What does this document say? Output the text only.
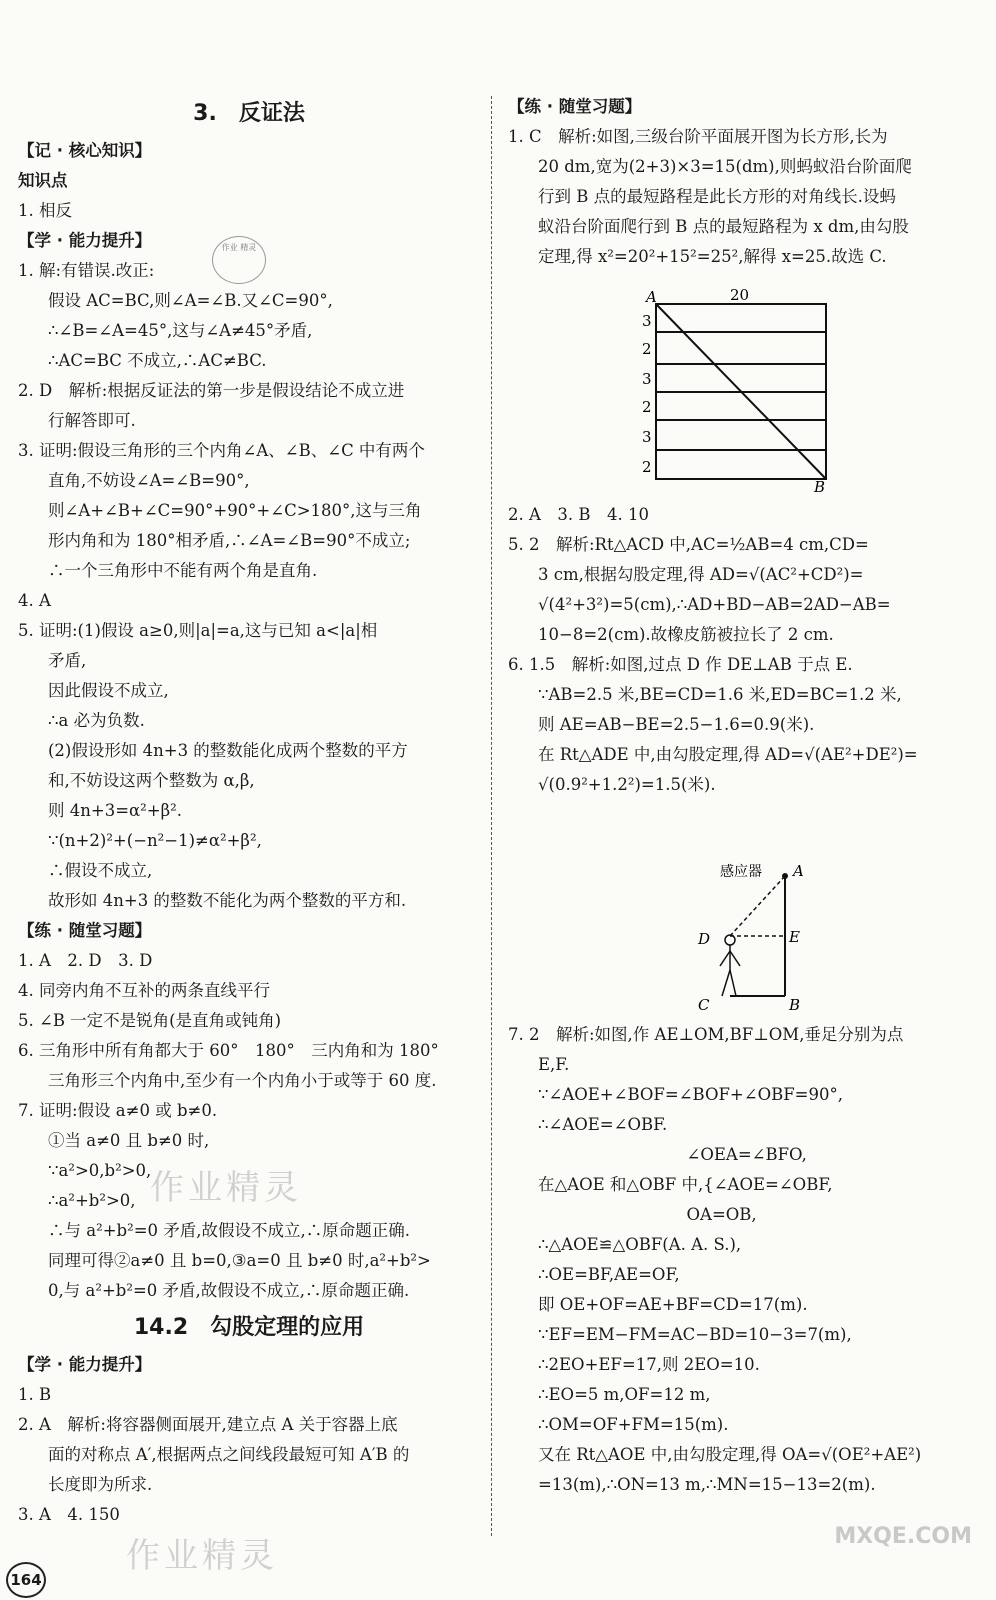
3.　反证法
【记 · 核心知识】
知识点
1. 相反
【学 · 能力提升】
1. 解:有错误.改正:
假设 AC=BC,则∠A=∠B.又∠C=90°,
∴∠B=∠A=45°,这与∠A≠45°矛盾,
∴AC=BC 不成立,∴AC≠BC.
2. D　解析:根据反证法的第一步是假设结论不成立进
行解答即可.
3. 证明:假设三角形的三个内角∠A、∠B、∠C 中有两个
直角,不妨设∠A=∠B=90°,
则∠A+∠B+∠C=90°+90°+∠C>180°,这与三角
形内角和为 180°相矛盾,∴∠A=∠B=90°不成立;
∴一个三角形中不能有两个角是直角.
4. A
5. 证明:(1)假设 a≥0,则|a|=a,这与已知 a<|a|相
矛盾,
因此假设不成立,
∴a 必为负数.
(2)假设形如 4n+3 的整数能化成两个整数的平方
和,不妨设这两个整数为 α,β,
则 4n+3=α²+β².
∵(n+2)²+(−n²−1)≠α²+β²,
∴假设不成立,
故形如 4n+3 的整数不能化为两个整数的平方和.
【练 · 随堂习题】
1. A　2. D　3. D
4. 同旁内角不互补的两条直线平行
5. ∠B 一定不是锐角(是直角或钝角)
6. 三角形中所有角都大于 60°　180°　三内角和为 180°
三角形三个内角中,至少有一个内角小于或等于 60 度.
7. 证明:假设 a≠0 或 b≠0.
①当 a≠0 且 b≠0 时,
∵a²>0,b²>0,
∴a²+b²>0,
∴与 a²+b²=0 矛盾,故假设不成立,∴原命题正确.
同理可得②a≠0 且 b=0,③a=0 且 b≠0 时,a²+b²>
0,与 a²+b²=0 矛盾,故假设不成立,∴原命题正确.
14.2　勾股定理的应用
【学 · 能力提升】
1. B
2. A　解析:将容器侧面展开,建立点 A 关于容器上底
面的对称点 A′,根据两点之间线段最短可知 A′B 的
长度即为所求.
3. A　4. 150
【练 · 随堂习题】
1. C　解析:如图,三级台阶平面展开图为长方形,长为
20 dm,宽为(2+3)×3=15(dm),则蚂蚁沿台阶面爬
行到 B 点的最短路程是此长方形的对角线长.设蚂
蚁沿台阶面爬行到 B 点的最短路程为 x dm,由勾股
定理,得 x²=20²+15²=25²,解得 x=25.故选 C.
A	20
B
3
2
3
2
3
2
2. A　3. B　4. 10
5. 2　解析:Rt△ACD 中,AC=½AB=4 cm,CD=
3 cm,根据勾股定理,得 AD=√(AC²+CD²)=
√(4²+3²)=5(cm),∴AD+BD−AB=2AD−AB=
10−8=2(cm).故橡皮筋被拉长了 2 cm.
6. 1.5　解析:如图,过点 D 作 DE⊥AB 于点 E.
∵AB=2.5 米,BE=CD=1.6 米,ED=BC=1.2 米,
则 AE=AB−BE=2.5−1.6=0.9(米).
在 Rt△ADE 中,由勾股定理,得 AD=√(AE²+DE²)=
√(0.9²+1.2²)=1.5(米).
感应器 A
D	E
C	B
7. 2　解析:如图,作 AE⊥OM,BF⊥OM,垂足分别为点
E,F.
∵∠AOE+∠BOF=∠BOF+∠OBF=90°,
∴∠AOE=∠OBF.
　　　　　　　　　∠OEA=∠BFO,
在△AOE 和△OBF 中,{∠AOE=∠OBF,
　　　　　　　　　OA=OB,
∴△AOE≌△OBF(A. A. S.),
∴OE=BF,AE=OF,
即 OE+OF=AE+BF=CD=17(m).
∵EF=EM−FM=AC−BD=10−3=7(m),
∴2EO+EF=17,则 2EO=10.
∴EO=5 m,OF=12 m,
∴OM=OF+FM=15(m).
又在 Rt△AOE 中,由勾股定理,得 OA=√(OE²+AE²)
=13(m),∴ON=13 m,∴MN=15−13=2(m).
作业 精灵
作业精灵
作业精灵	MXQE.COM
164
